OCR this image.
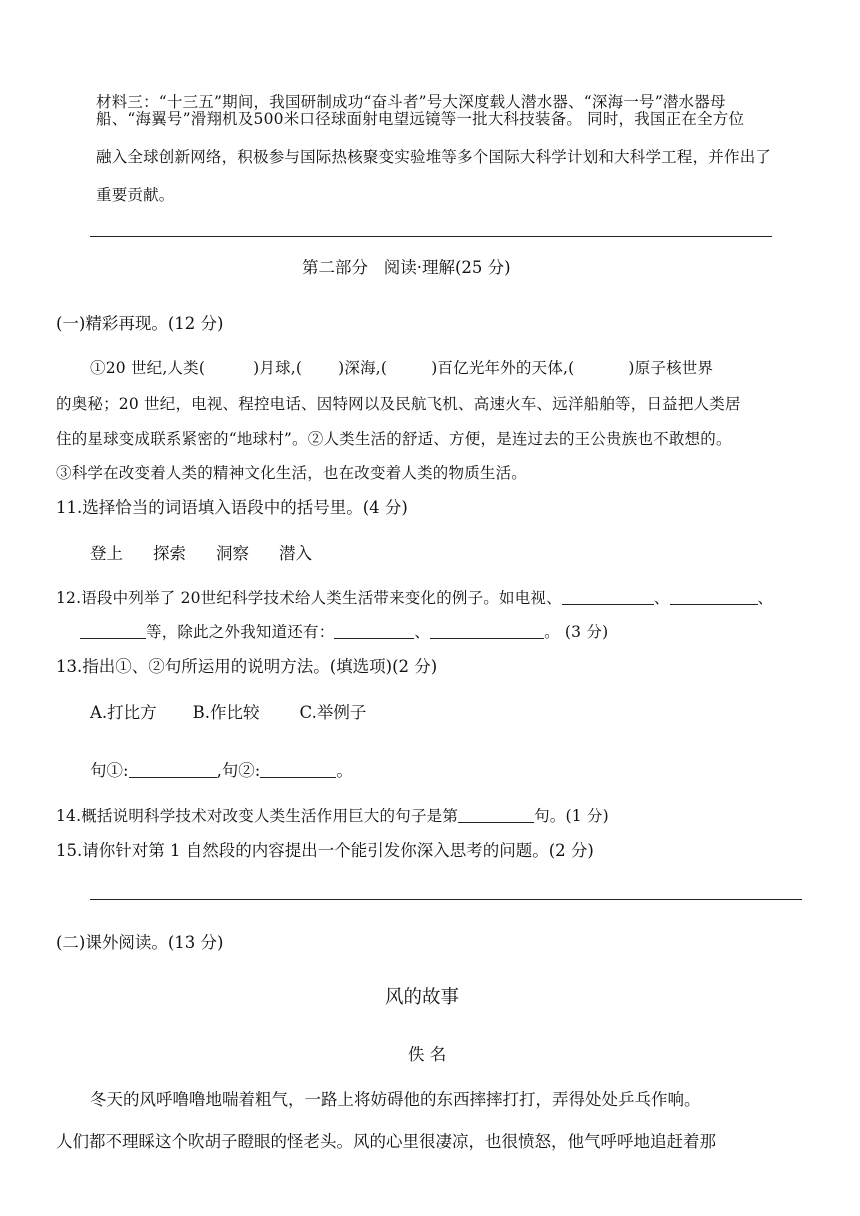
材料三：“十三五”期间，我国研制成功“奋斗者”号大深度载人潜水器、“深海一号”潜水器母
船、“海翼号”滑翔机及500米口径球面射电望远镜等一批大科技装备。 同时，我国正在全方位
融入全球创新网络，积极参与国际热核聚变实验堆等多个国际大科学计划和大科学工程，并作出了
重要贡献。
第二部分   阅读·理解(25 分)
(一)精彩再现。(12 分)
①20 世纪,人类(	)月球,( )深海,(	)百亿光年外的天体,(	)原子核世界
的奥秘；20 世纪，电视、程控电话、因特网以及民航飞机、高速火车、远洋船舶等，日益把人类居
住的星球变成联系紧密的“地球村”。②人类生活的舒适、方便，是连过去的王公贵族也不敢想的。
③科学在改变着人类的精神文化生活，也在改变着人类的物质生活。
11.选择恰当的词语填入语段中的括号里。(4 分)
登上 探索 洞察 潜入
12.语段中列举了 20世纪科学技术给人类生活带来变化的例子。如电视、	、	、
等，除此之外我知道还有：	、	。 (3 分)
13.指出①、②句所运用的说明方法。(填选项)(2 分)
A.打比方 B.作比较 C.举例子
句①:	,句②:	。
14.概括说明科学技术对改变人类生活作用巨大的句子是第	句。(1 分)
15.请你针对第 1 自然段的内容提出一个能引发你深入思考的问题。(2 分)
(二)课外阅读。(13 分)
风的故事
佚 名
冬天的风呼噜噜地喘着粗气，一路上将妨碍他的东西摔摔打打，弄得处处乒乓作响。
人们都不理睬这个吹胡子瞪眼的怪老头。风的心里很凄凉，也很愤怒，他气呼呼地追赶着那
